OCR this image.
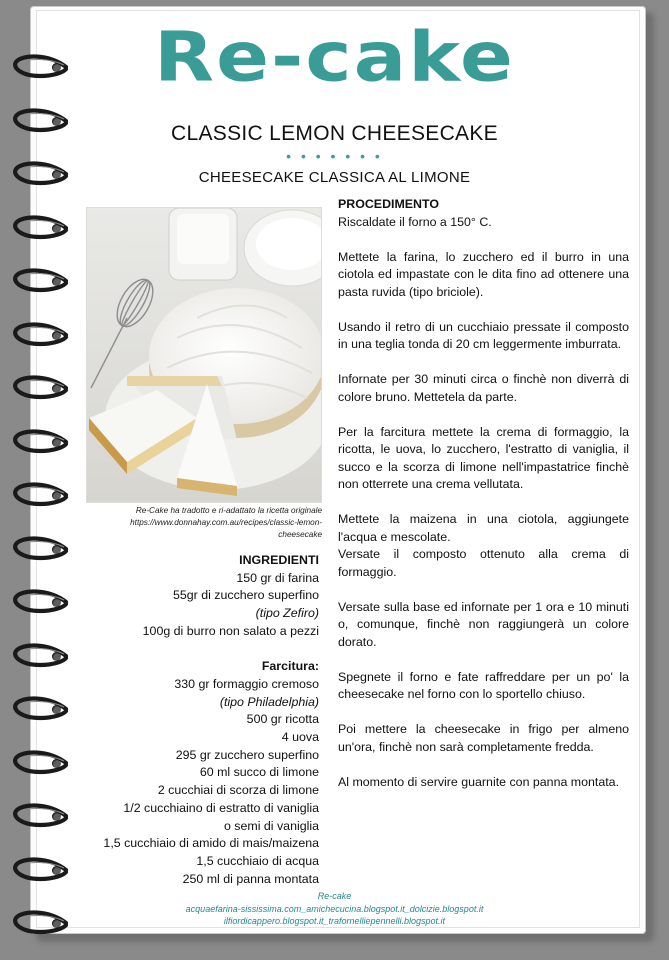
Re-cake
CLASSIC LEMON CHEESECAKE
• • • • • • •
CHEESECAKE CLASSICA AL LIMONE
Re-Cake ha tradotto e ri-adattato la ricetta originale
https://www.donnahay.com.au/recipes/classic-lemon-
cheesecake
INGREDIENTI
150 gr di farina
55gr di zucchero superfino
(tipo Zefiro)
100g di burro non salato a pezzi
Farcitura:
330 gr formaggio cremoso
(tipo Philadelphia)
500 gr ricotta
4 uova
295 gr zucchero superfino
60 ml succo di limone
2 cucchiai di scorza di limone
1/2 cucchiaino di estratto di vaniglia
o semi di vaniglia
1,5 cucchiaio di amido di mais/maizena
1,5 cucchiaio di acqua
250 ml di panna montata
PROCEDIMENTO

Riscaldate il forno a 150° C.

Mettete la farina, lo zucchero ed il burro in una ciotola ed impastate con le dita fino ad ottenere una pasta ruvida (tipo briciole).

Usando il retro di un cucchiaio pressate il composto in una teglia tonda di 20 cm leggermente imburrata.

Infornate per 30 minuti circa o finchè non diverrà di colore bruno. Mettetela da parte.

Per la farcitura mettete la crema di formaggio, la ricotta, le uova, lo zucchero, l'estratto di vaniglia, il succo e la scorza di limone nell'impastatrice finchè non otterrete una crema vellutata.

Mettete la maizena in una ciotola, aggiungete l'acqua e mescolate.

Versate il composto ottenuto alla crema di formaggio.

Versate sulla base ed infornate per 1 ora e 10 minuti o, comunque, finchè non raggiungerà un colore dorato.

Spegnete il forno e fate raffreddare per un po' la cheesecake nel forno con lo sportello chiuso.

Poi mettere la cheesecake in frigo per almeno un'ora, finchè non sarà completamente fredda.

Al momento di servire guarnite con panna montata.

Re-cake
acquaefarina-sississima.com_amichecucina.blogspot.it_dolcizie.blogspot.it
ilfiordicappero.blogspot.it_trafornelliepennelli.blogspot.it
